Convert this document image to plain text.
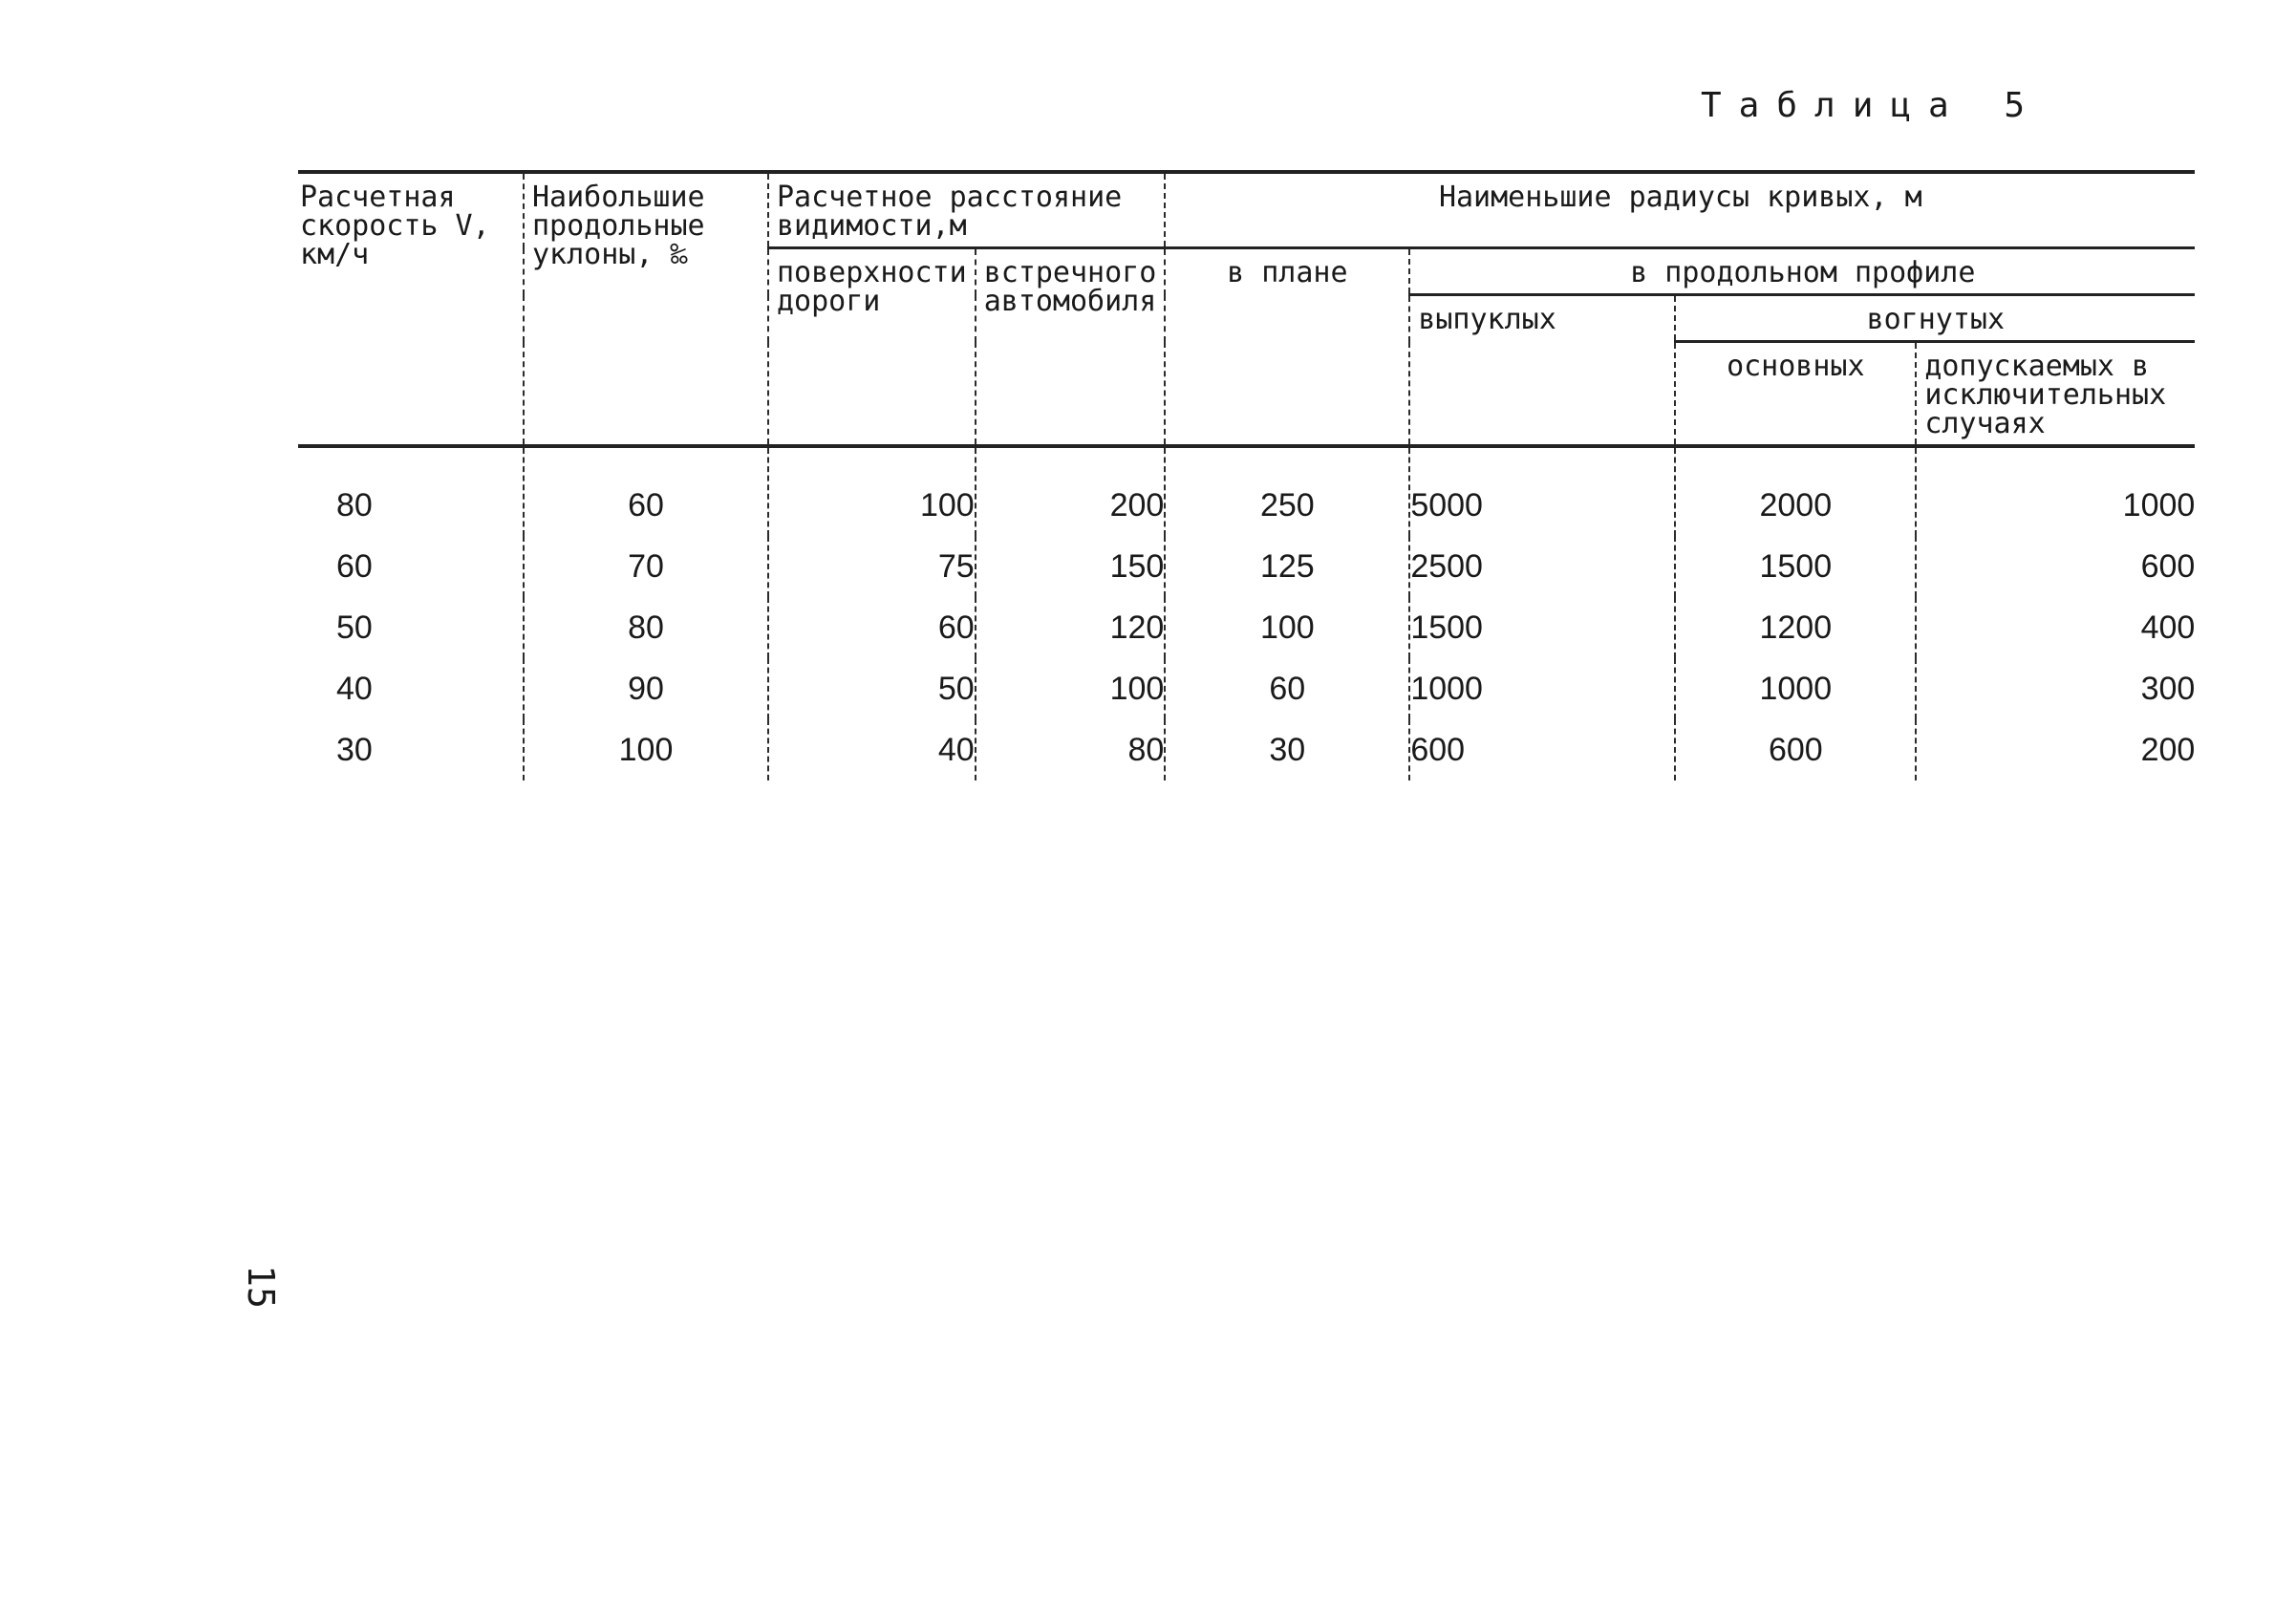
Таблица 5
Расчетная скорость V, км/ч	Наибольшие продольные уклоны, ‰	Расчетное расстояние видимости,м		Наименьшие радиусы кривых, м			
		поверхности дороги	встречного автомобиля	в плане	в продольном профиле		
					выпуклых	вогнутых	
						основных	допускаемых в исключительных случаях
80	60	100	200	250	5000	2000	1000
60	70	75	150	125	2500	1500	600
50	80	60	120	100	1500	1200	400
40	90	50	100	60	1000	1000	300
30	100	40	80	30	600	600	200
15
